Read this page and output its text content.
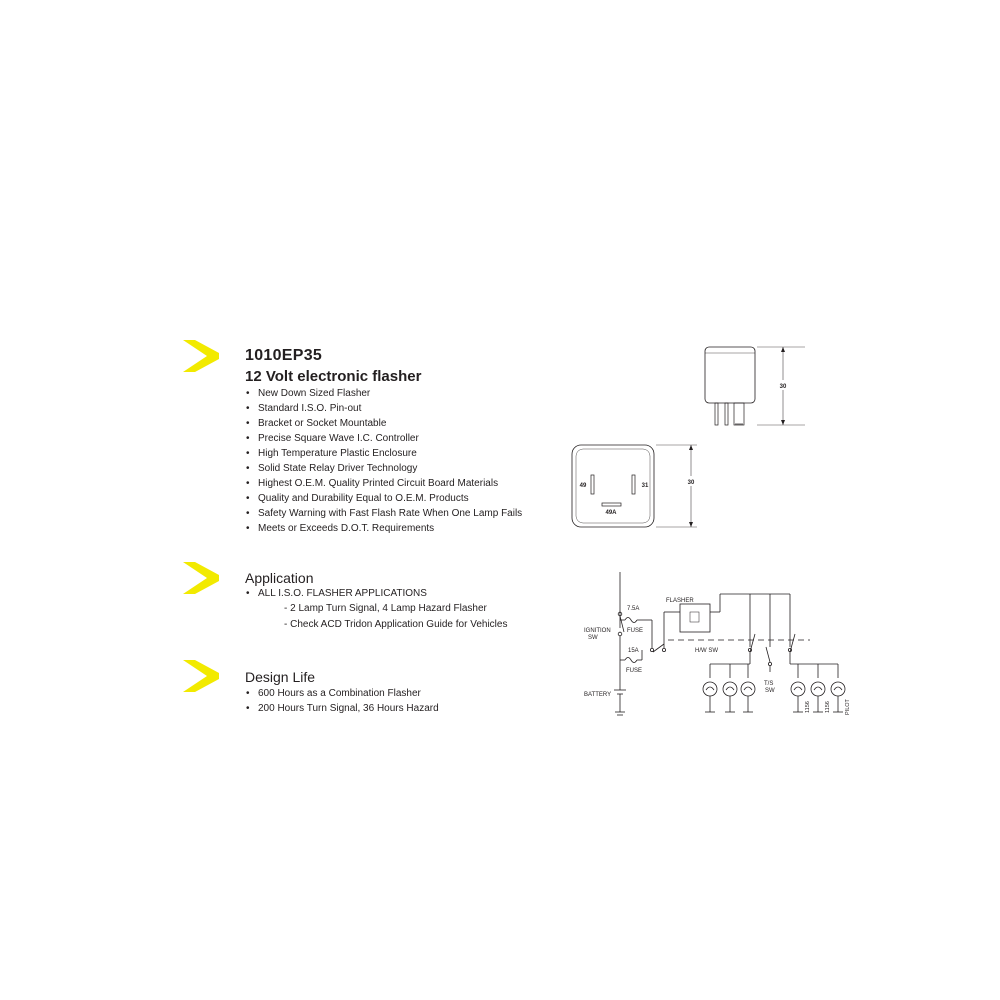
1010EP35
12 Volt electronic flasher
• New Down Sized Flasher
• Standard I.S.O. Pin-out
• Bracket or Socket Mountable
• Precise Square Wave I.C. Controller
• High Temperature Plastic Enclosure
• Solid State Relay Driver Technology
• Highest O.E.M. Quality Printed Circuit Board Materials
• Quality and Durability Equal to O.E.M. Products
• Safety Warning with Fast Flash Rate When One Lamp Fails
• Meets or Exceeds D.O.T. Requirements
Application
• ALL I.S.O. FLASHER APPLICATIONS
- 2 Lamp Turn Signal, 4 Lamp Hazard Flasher
- Check ACD Tridon Application Guide for Vehicles
Design Life
• 600 Hours as a Combination Flasher
• 200 Hours Turn Signal, 36 Hours Hazard
30
49	31
49A
30
7.5A
FUSE
15A
FUSE
IGNITION
SW
BATTERY
FLASHER
H/W SW
T/S
SW
1156	1156	PILOT
